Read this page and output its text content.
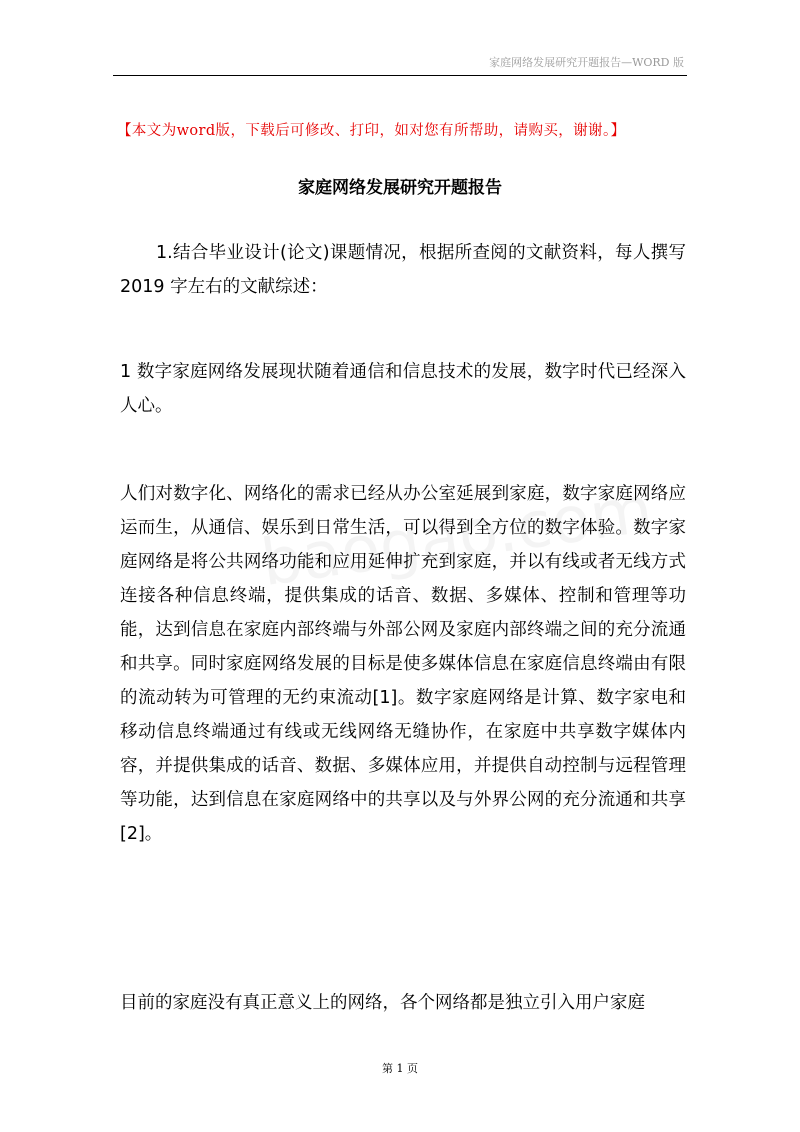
家庭网络发展研究开题报告—WORD 版
【本文为word版，下载后可修改、打印，如对您有所帮助，请购买，谢谢。】
家庭网络发展研究开题报告
1.结合毕业设计(论文)课题情况，根据所查阅的文献资料，每人撰写 2019 字左右的文献综述：
1 数字家庭网络发展现状随着通信和信息技术的发展，数字时代已经深入人心。
人们对数字化、网络化的需求已经从办公室延展到家庭，数字家庭网络应运而生，从通信、娱乐到日常生活，可以得到全方位的数字体验。数字家庭网络是将公共网络功能和应用延伸扩充到家庭，并以有线或者无线方式连接各种信息终端，提供集成的话音、数据、多媒体、控制和管理等功能，达到信息在家庭内部终端与外部公网及家庭内部终端之间的充分流通和共享。同时家庭网络发展的目标是使多媒体信息在家庭信息终端由有限的流动转为可管理的无约束流动[1]。数字家庭网络是计算、数字家电和移动信息终端通过有线或无线网络无缝协作，在家庭中共享数字媒体内容，并提供集成的话音、数据、多媒体应用，并提供自动控制与远程管理等功能，达到信息在家庭网络中的共享以及与外界公网的充分流通和共享[2]。
目前的家庭没有真正意义上的网络，各个网络都是独立引入用户家庭
第 1 页
